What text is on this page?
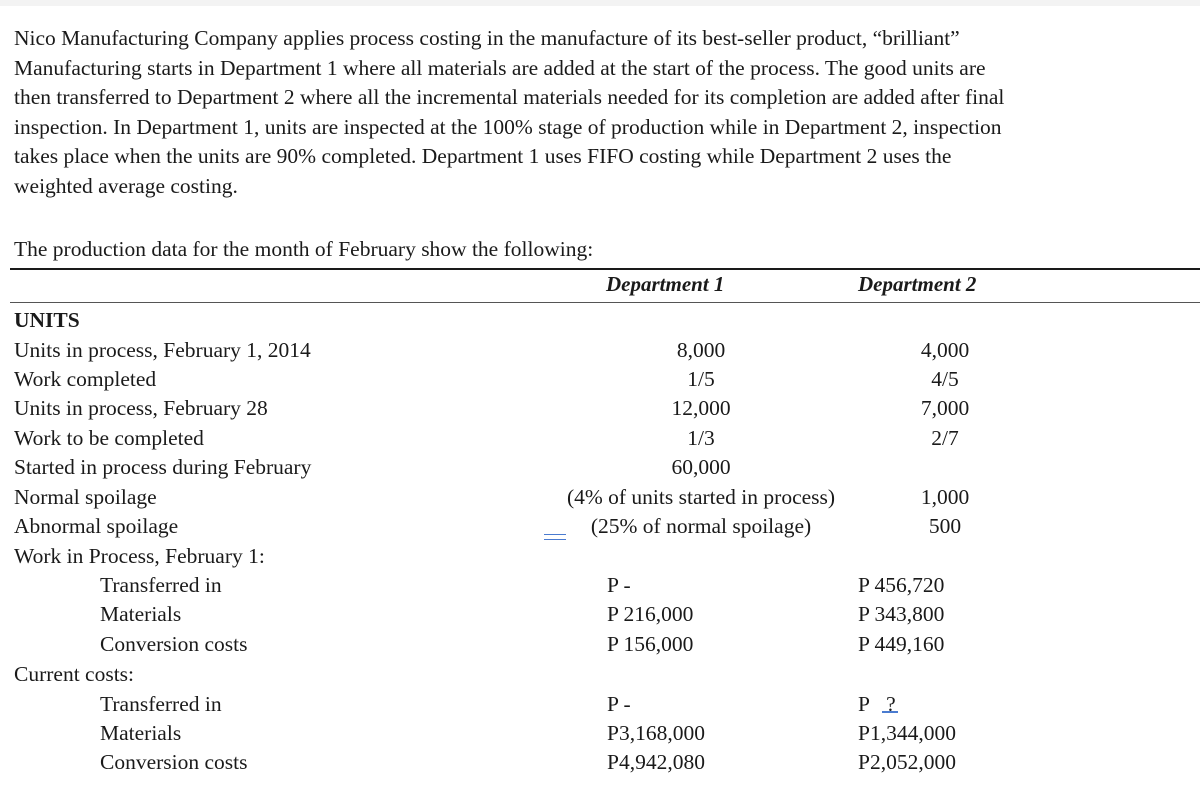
Nico Manufacturing Company applies process costing in the manufacture of its best-seller product, “brilliant”
Manufacturing starts in Department 1 where all materials are added at the start of the process. The good units are
then transferred to Department 2 where all the incremental materials needed for its completion are added after final
inspection. In Department 1, units are inspected at the 100% stage of production while in Department 2, inspection
takes place when the units are 90% completed. Department 1 uses FIFO costing while Department 2 uses the
weighted average costing.

The production data for the month of February show the following:
Department 1	Department 2
UNITS
Units in process, February 1, 2014	8,000	4,000
Work completed	1/5	4/5
Units in process, February 28	12,000	7,000
Work to be completed	1/3	2/7
Started in process during February	60,000
Normal spoilage	(4% of units started in process)	1,000
Abnormal spoilage	(25% of normal spoilage)	500
Work in Process, February 1:
Transferred in	P -	P 456,720
Materials	P 216,000	P 343,800
Conversion costs	P 156,000	P 449,160
Current costs:
Transferred in	P -	P ?
Materials	P3,168,000	P1,344,000
Conversion costs	P4,942,080	P2,052,000
